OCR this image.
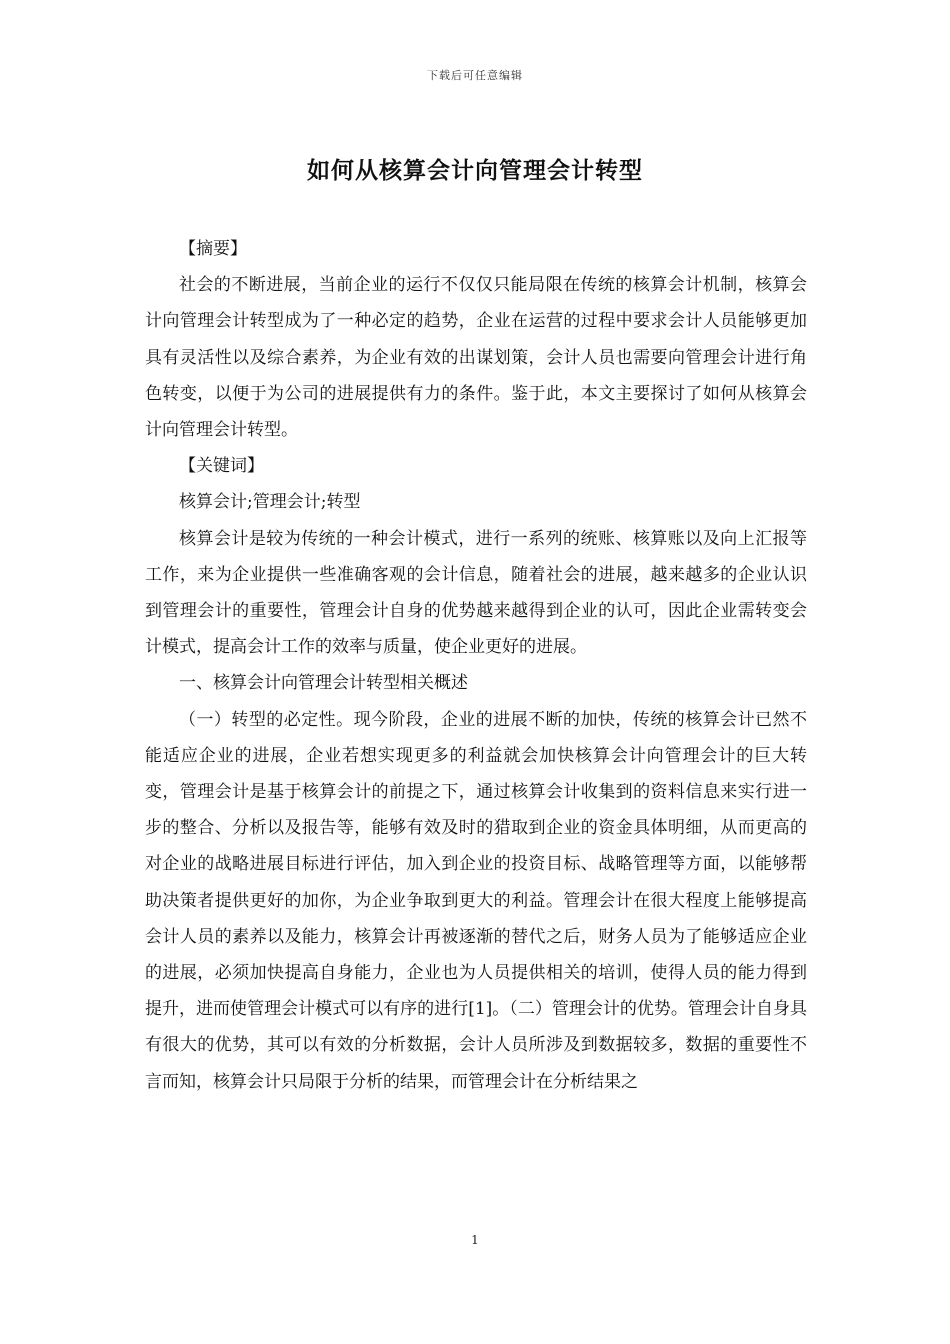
下载后可任意编辑
如何从核算会计向管理会计转型

【摘要】

社会的不断进展，当前企业的运行不仅仅只能局限在传统的核算会计机制，核算会计向管理会计转型成为了一种必定的趋势，企业在运营的过程中要求会计人员能够更加具有灵活性以及综合素养，为企业有效的出谋划策，会计人员也需要向管理会计进行角色转变，以便于为公司的进展提供有力的条件。鉴于此，本文主要探讨了如何从核算会计向管理会计转型。

【关键词】

核算会计;管理会计;转型

核算会计是较为传统的一种会计模式，进行一系列的统账、核算账以及向上汇报等工作，来为企业提供一些准确客观的会计信息，随着社会的进展，越来越多的企业认识到管理会计的重要性，管理会计自身的优势越来越得到企业的认可，因此企业需转变会计模式，提高会计工作的效率与质量，使企业更好的进展。

一、核算会计向管理会计转型相关概述

（一）转型的必定性。现今阶段，企业的进展不断的加快，传统的核算会计已然不能适应企业的进展，企业若想实现更多的利益就会加快核算会计向管理会计的巨大转变，管理会计是基于核算会计的前提之下，通过核算会计收集到的资料信息来实行进一步的整合、分析以及报告等，能够有效及时的猎取到企业的资金具体明细，从而更高的对企业的战略进展目标进行评估，加入到企业的投资目标、战略管理等方面，以能够帮助决策者提供更好的加你，为企业争取到更大的利益。管理会计在很大程度上能够提高会计人员的素养以及能力，核算会计再被逐渐的替代之后，财务人员为了能够适应企业的进展，必须加快提高自身能力，企业也为人员提供相关的培训，使得人员的能力得到提升，进而使管理会计模式可以有序的进行[1]。（二）管理会计的优势。管理会计自身具有很大的优势，其可以有效的分析数据，会计人员所涉及到数据较多，数据的重要性不言而知，核算会计只局限于分析的结果，而管理会计在分析结果之

1
